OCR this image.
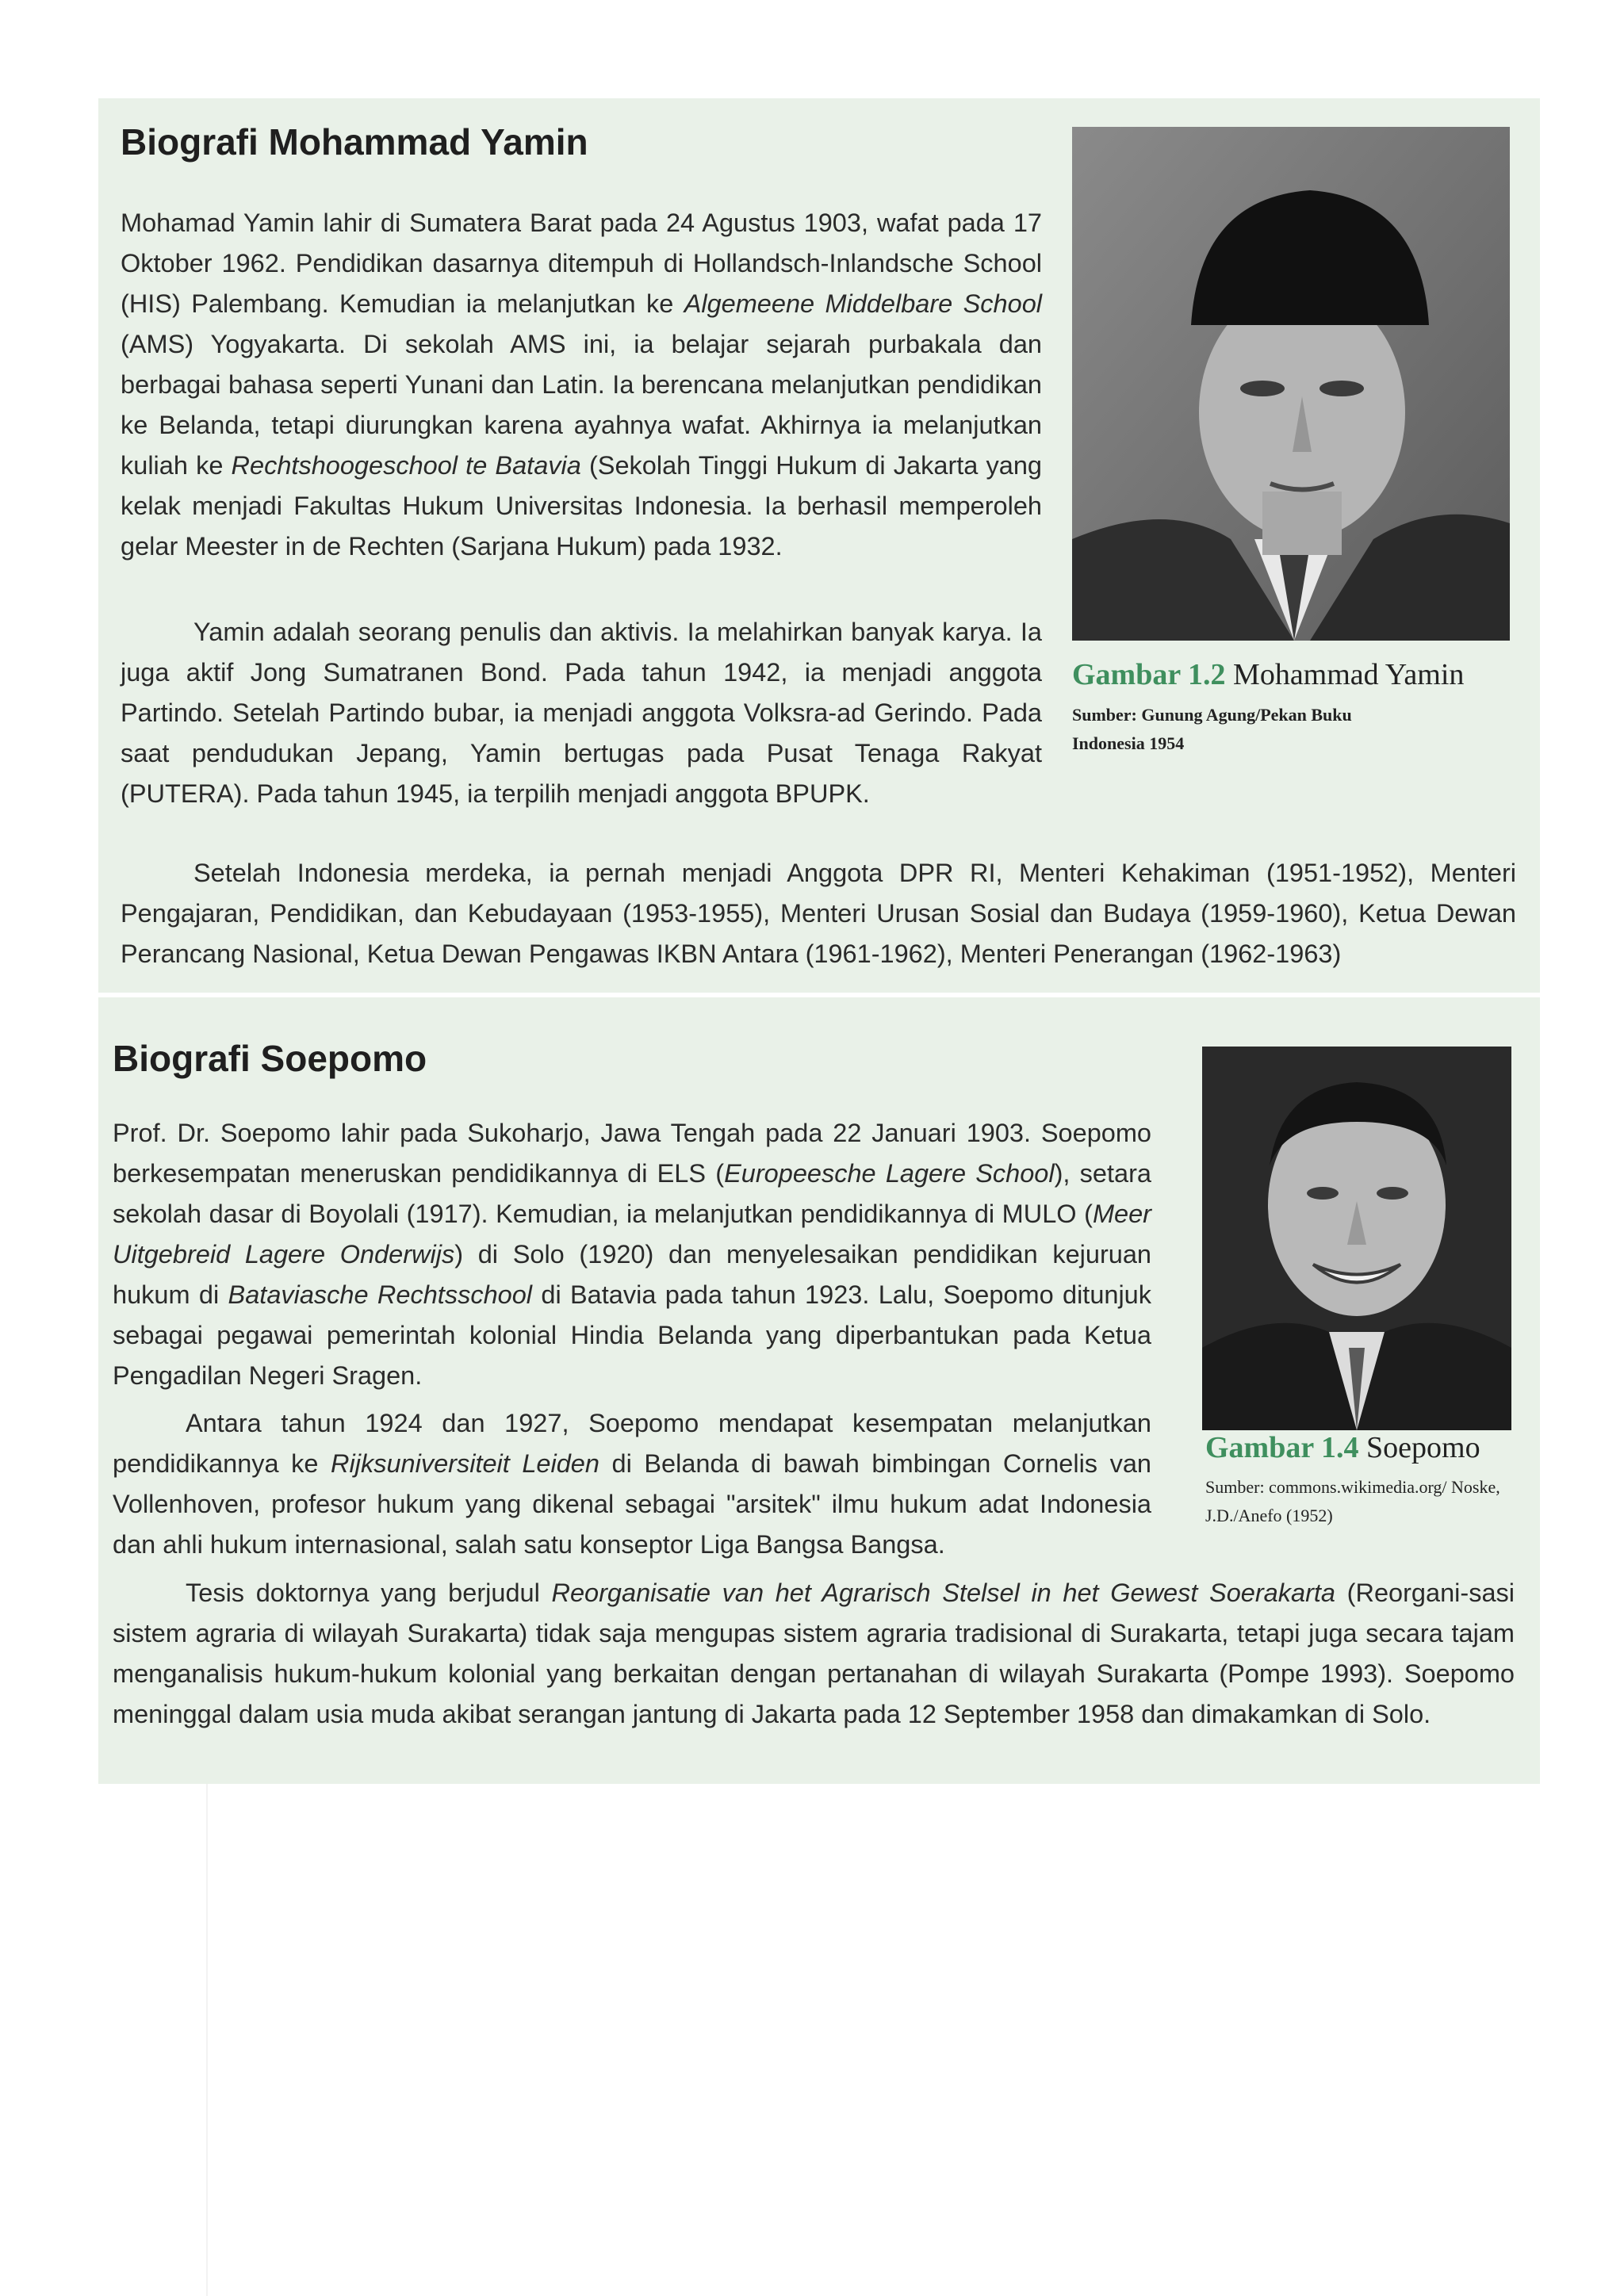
Biografi Mohammad Yamin

Mohamad Yamin lahir di Sumatera Barat pada 24 Agustus 1903, wafat pada 17 Oktober 1962. Pendidikan dasarnya ditempuh di Hollandsch-Inlandsche School (HIS) Palembang. Kemudian ia melanjutkan ke Algemeene Middelbare School (AMS) Yogyakarta. Di sekolah AMS ini, ia belajar sejarah purbakala dan berbagai bahasa seperti Yunani dan Latin. Ia berencana melanjutkan pendidikan ke Belanda, tetapi diurungkan karena ayahnya wafat. Akhirnya ia melanjutkan kuliah ke Rechtshoogeschool te Batavia (Sekolah Tinggi Hukum di Jakarta yang kelak menjadi Fakultas Hukum Universitas Indonesia. Ia berhasil memperoleh gelar Meester in de Rechten (Sarjana Hukum) pada 1932.

Yamin adalah seorang penulis dan aktivis. Ia melahirkan banyak karya. Ia juga aktif Jong Sumatranen Bond. Pada tahun 1942, ia menjadi anggota Partindo. Setelah Partindo bubar, ia menjadi anggota Volksra-ad Gerindo. Pada saat pendudukan Jepang, Yamin bertugas pada Pusat Tenaga Rakyat (PUTERA). Pada tahun 1945, ia terpilih menjadi anggota BPUPK.

Setelah Indonesia merdeka, ia pernah menjadi Anggota DPR RI, Menteri Kehakiman (1951-1952), Menteri Pengajaran, Pendidikan, dan Kebudayaan (1953-1955), Menteri Urusan Sosial dan Budaya (1959-1960), Ketua Dewan Perancang Nasional, Ketua Dewan Pengawas IKBN Antara (1961-1962), Menteri Penerangan (1962-1963)

Gambar 1.2 Mohammad Yamin

Sumber: Gunung Agung/Pekan Buku Indonesia 1954

Biografi Soepomo

Prof. Dr. Soepomo lahir pada Sukoharjo, Jawa Tengah pada 22 Januari 1903. Soepomo berkesempatan meneruskan pendidikannya di ELS (Europeesche Lagere School), setara sekolah dasar di Boyolali (1917). Kemudian, ia melanjutkan pendidikannya di MULO (Meer Uitgebreid Lagere Onderwijs) di Solo (1920) dan menyelesaikan pendidikan kejuruan hukum di Bataviasche Rechtsschool di Batavia pada tahun 1923. Lalu, Soepomo ditunjuk sebagai pegawai pemerintah kolonial Hindia Belanda yang diperbantukan pada Ketua Pengadilan Negeri Sragen.

Antara tahun 1924 dan 1927, Soepomo mendapat kesempatan melanjutkan pendidikannya ke Rijksuniversiteit Leiden di Belanda di bawah bimbingan Cornelis van Vollenhoven, profesor hukum yang dikenal sebagai "arsitek" ilmu hukum adat Indonesia dan ahli hukum internasional, salah satu konseptor Liga Bangsa Bangsa.

Tesis doktornya yang berjudul Reorganisatie van het Agrarisch Stelsel in het Gewest Soerakarta (Reorgani-sasi sistem agraria di wilayah Surakarta) tidak saja mengupas sistem agraria tradisional di Surakarta, tetapi juga secara tajam menganalisis hukum-hukum kolonial yang berkaitan dengan pertanahan di wilayah Surakarta (Pompe 1993). Soepomo meninggal dalam usia muda akibat serangan jantung di Jakarta pada 12 September 1958 dan dimakamkan di Solo.

Gambar 1.4 Soepomo

Sumber: commons.wikimedia.org/ Noske, J.D./Anefo (1952)
